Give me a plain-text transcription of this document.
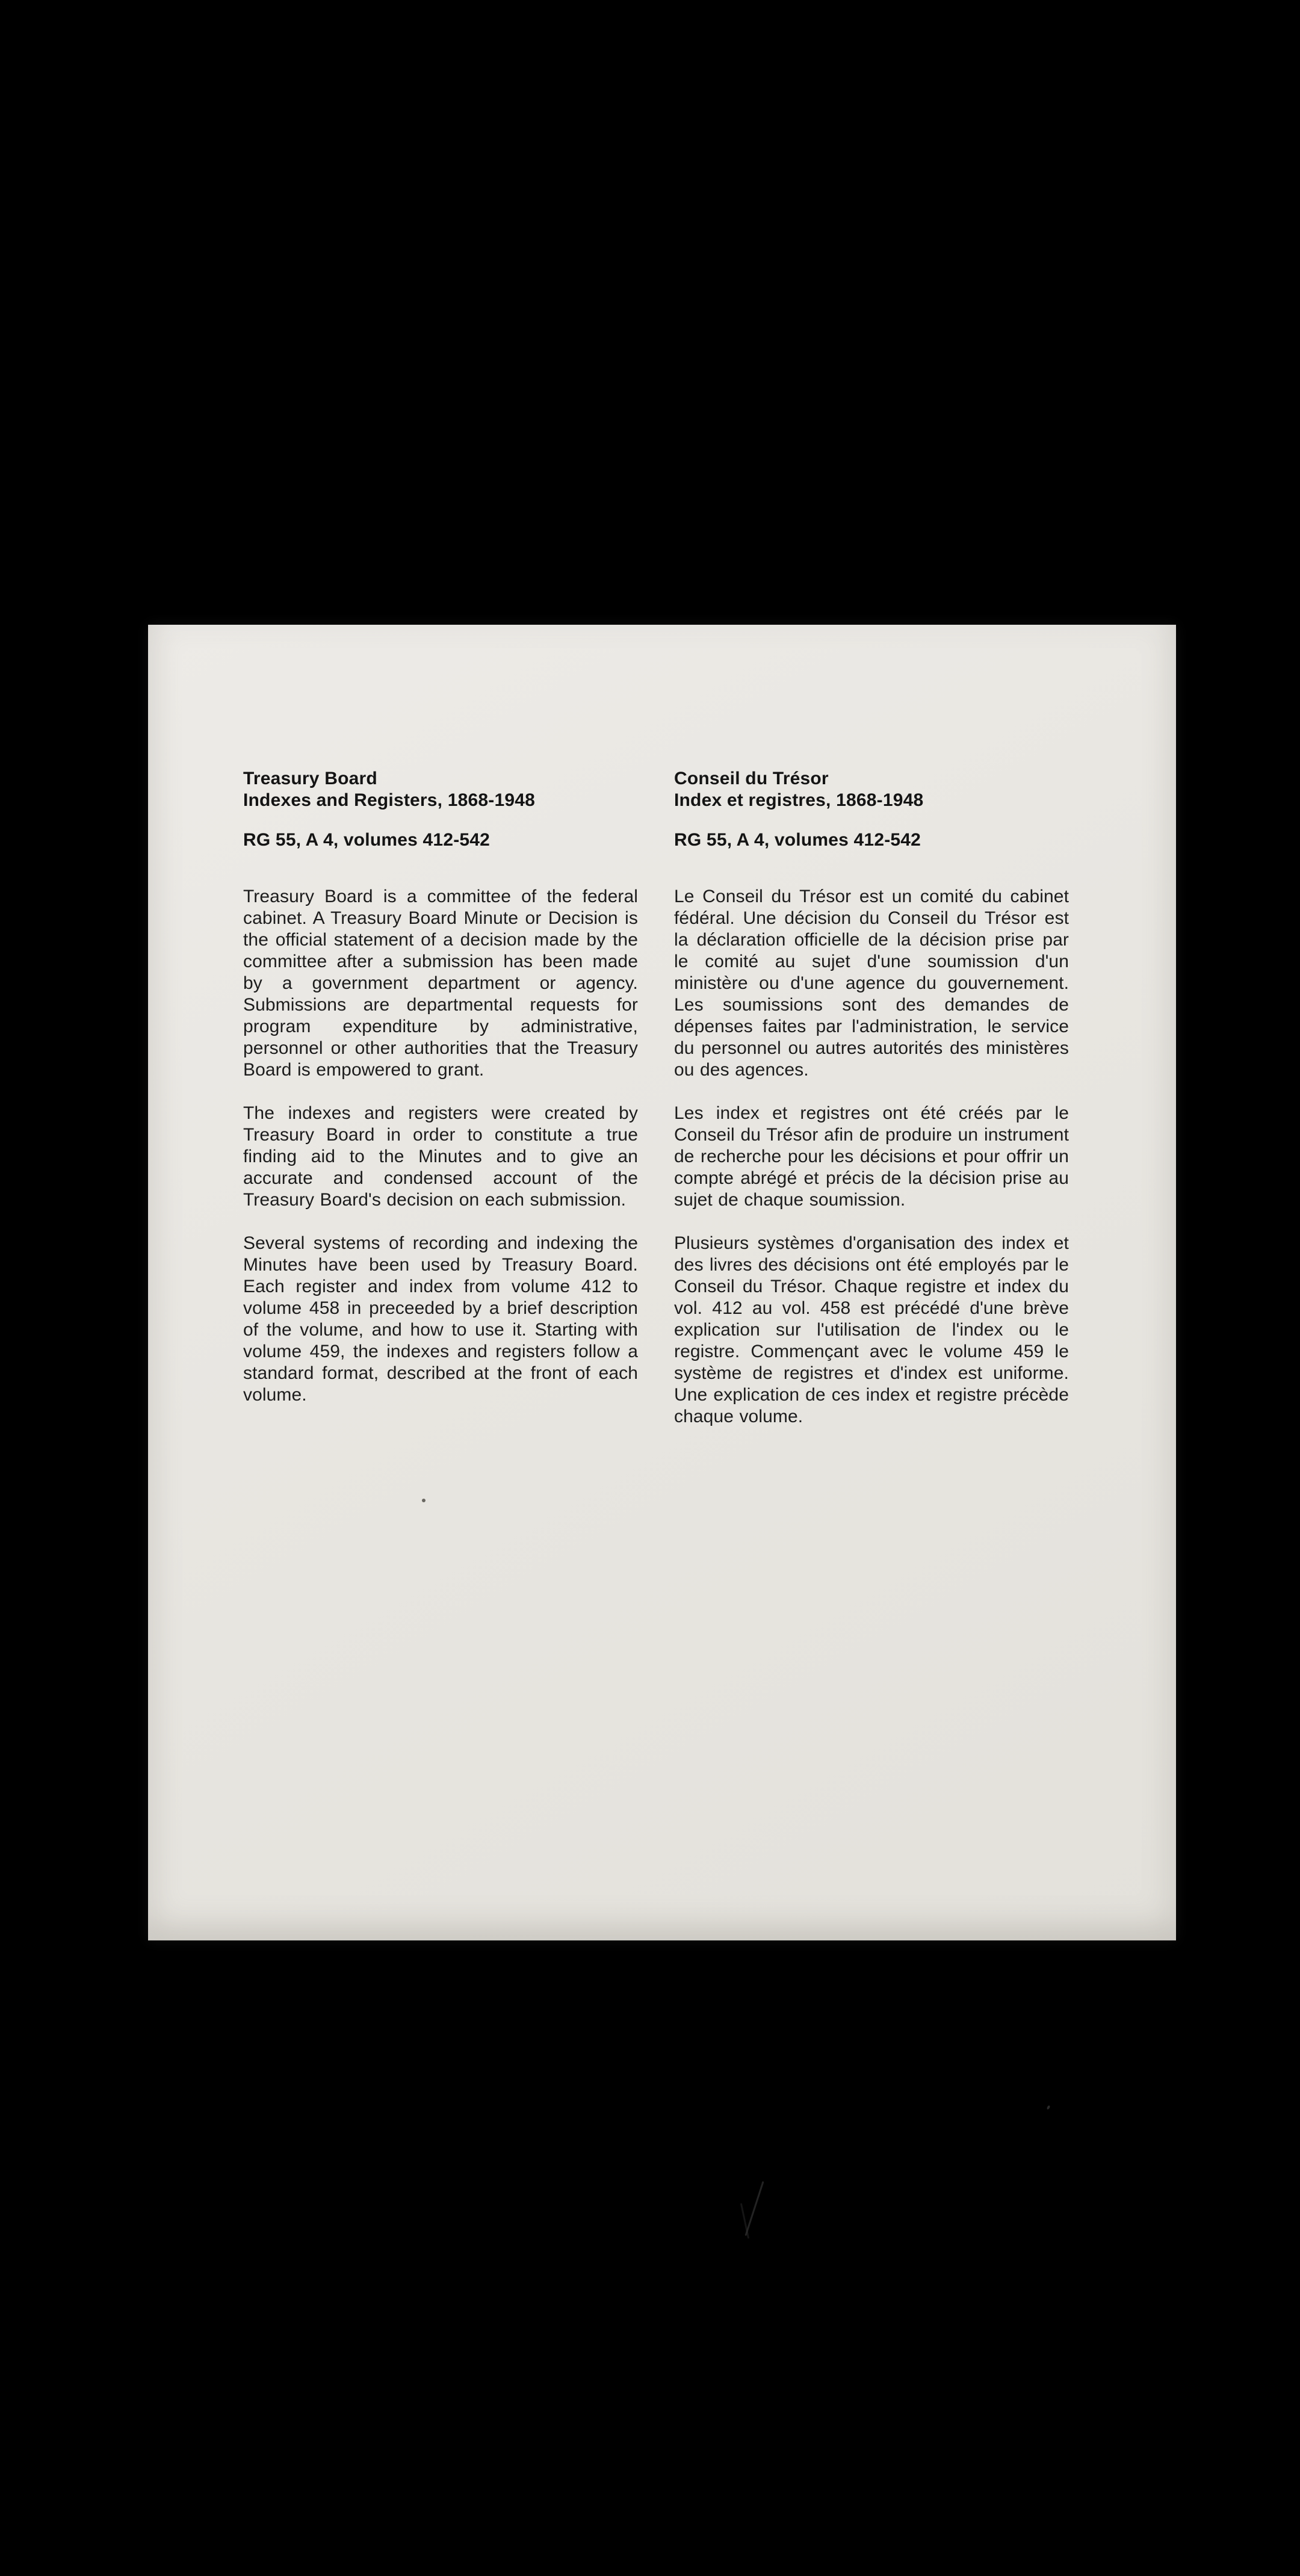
Treasury Board
Indexes and Registers, 1868-1948
RG 55, A 4, volumes 412-542

Treasury Board is a committee of the federal cabinet. A Treasury Board Minute or Decision is the official statement of a decision made by the committee after a submission has been made by a government department or agency. Submissions are departmental requests for program expenditure by administrative, personnel or other authorities that the Treasury Board is empowered to grant.

The indexes and registers were created by Treasury Board in order to constitute a true finding aid to the Minutes and to give an accurate and condensed account of the Treasury Board's decision on each submission.

Several systems of recording and indexing the Minutes have been used by Treasury Board. Each register and index from volume 412 to volume 458 in preceeded by a brief description of the volume, and how to use it. Starting with volume 459, the indexes and registers follow a standard format, described at the front of each volume.

Conseil du Trésor
Index et registres, 1868-1948
RG 55, A 4, volumes 412-542

Le Conseil du Trésor est un comité du cabinet fédéral. Une décision du Conseil du Trésor est la déclaration officielle de la décision prise par le comité au sujet d'une soumission d'un ministère ou d'une agence du gouvernement. Les soumissions sont des demandes de dépenses faites par l'administration, le service du personnel ou autres autorités des ministères ou des agences.

Les index et registres ont été créés par le Conseil du Trésor afin de produire un instrument de recherche pour les décisions et pour offrir un compte abrégé et précis de la décision prise au sujet de chaque soumission.

Plusieurs systèmes d'organisation des index et des livres des décisions ont été employés par le Conseil du Trésor. Chaque registre et index du vol. 412 au vol. 458 est précédé d'une brève explication sur l'utilisation de l'index ou le registre. Commençant avec le volume 459 le système de registres et d'index est uniforme. Une explication de ces index et registre précède chaque volume.
